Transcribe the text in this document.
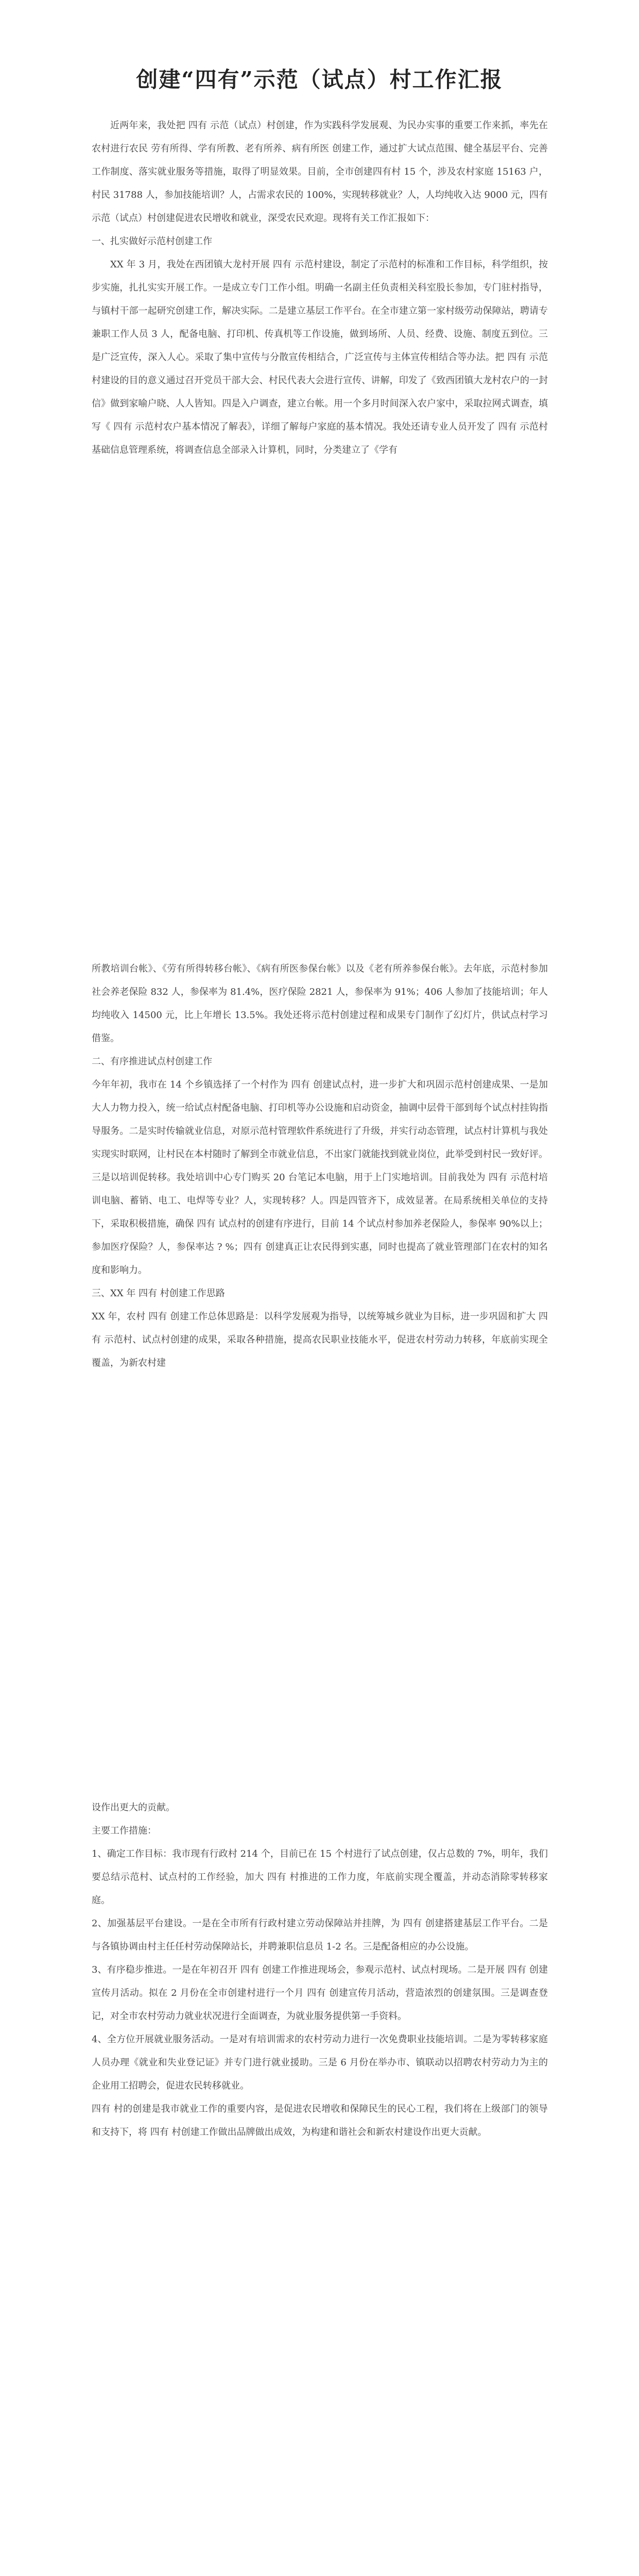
创建“四有”示范（试点）村工作汇报

近两年来，我处把 四有 示范（试点）村创建，作为实践科学发展观、为民办实事的重要工作来抓，率先在农村进行农民 劳有所得、学有所教、老有所养、病有所医 创建工作，通过扩大试点范围、健全基层平台、完善工作制度、落实就业服务等措施，取得了明显效果。目前，全市创建四有村 15 个，涉及农村家庭 15163 户，村民 31788 人，参加技能培训？人，占需求农民的 100%，实现转移就业？人，人均纯收入达 9000 元，四有 示范（试点）村创建促进农民增收和就业，深受农民欢迎。现将有关工作汇报如下：

一、扎实做好示范村创建工作

XX 年 3 月，我处在西团镇大龙村开展 四有 示范村建设，制定了示范村的标准和工作目标，科学组织，按步实施，扎扎实实开展工作。一是成立专门工作小组。明确一名副主任负责相关科室股长参加，专门驻村指导，与镇村干部一起研究创建工作，解决实际。二是建立基层工作平台。在全市建立第一家村级劳动保障站，聘请专兼职工作人员 3 人，配备电脑、打印机、传真机等工作设施，做到场所、人员、经费、设施、制度五到位。三是广泛宣传，深入人心。采取了集中宣传与分散宣传相结合，广泛宣传与主体宣传相结合等办法。把 四有 示范村建设的目的意义通过召开党员干部大会、村民代表大会进行宣传、讲解，印发了《致西团镇大龙村农户的一封信》做到家喻户晓、人人皆知。四是入户调查，建立台帐。用一个多月时间深入农户家中，采取拉网式调查，填写《 四有 示范村农户基本情况了解表》，详细了解每户家庭的基本情况。我处还请专业人员开发了 四有 示范村基础信息管理系统，将调查信息全部录入计算机，同时，分类建立了《学有

所教培训台帐》、《劳有所得转移台帐》、《病有所医参保台帐》以及《老有所养参保台帐》。去年底，示范村参加社会养老保险 832 人，参保率为 81.4%，医疗保险 2821 人，参保率为 91%；406 人参加了技能培训；年人均纯收入 14500 元，比上年增长 13.5%。我处还将示范村创建过程和成果专门制作了幻灯片，供试点村学习借鉴。

二、有序推进试点村创建工作

今年年初，我市在 14 个乡镇选择了一个村作为 四有 创建试点村，进一步扩大和巩固示范村创建成果、一是加大人力物力投入，统一给试点村配备电脑、打印机等办公设施和启动资金，抽调中层骨干部到每个试点村挂钩指导服务。二是实时传输就业信息，对原示范村管理软件系统进行了升级，并实行动态管理，试点村计算机与我处实现实时联网，让村民在本村随时了解到全市就业信息，不出家门就能找到就业岗位，此举受到村民一致好评。三是以培训促转移。我处培训中心专门购买 20 台笔记本电脑，用于上门实地培训。目前我处为 四有 示范村培训电脑、蓄销、电工、电焊等专业？人，实现转移？人。四是四管齐下，成效显著。在局系统相关单位的支持下，采取积极措施，确保 四有 试点村的创建有序进行，目前 14 个试点村参加养老保险人，参保率 90%以上；参加医疗保险？人，参保率达 ? %；四有 创建真正让农民得到实惠，同时也提高了就业管理部门在农村的知名度和影响力。

三、XX 年 四有 村创建工作思路

XX 年，农村 四有 创建工作总体思路是：以科学发展观为指导，以统筹城乡就业为目标，进一步巩固和扩大 四有 示范村、试点村创建的成果，采取各种措施，提高农民职业技能水平，促进农村劳动力转移，年底前实现全覆盖，为新农村建

设作出更大的贡献。

主要工作措施：

1、确定工作目标：我市现有行政村 214 个，目前已在 15 个村进行了试点创建，仅占总数的 7%，明年，我们要总结示范村、试点村的工作经验，加大 四有 村推进的工作力度，年底前实现全覆盖，并动态消除零转移家庭。

2、加强基层平台建设。一是在全市所有行政村建立劳动保障站并挂牌，为 四有 创建搭建基层工作平台。二是与各镇协调由村主任任村劳动保障站长，并聘兼职信息员 1-2 名。三是配备相应的办公设施。

3、有序稳步推进。一是在年初召开 四有 创建工作推进现场会，参观示范村、试点村现场。二是开展 四有 创建宣传月活动。拟在 2 月份在全市创建村进行一个月 四有 创建宣传月活动，营造浓烈的创建氛围。三是调查登记，对全市农村劳动力就业状况进行全面调查，为就业服务提供第一手资料。

4、全方位开展就业服务活动。一是对有培训需求的农村劳动力进行一次免费职业技能培训。二是为零转移家庭人员办理《就业和失业登记证》并专门进行就业援助。三是 6 月份在举办市、镇联动以招聘农村劳动力为主的企业用工招聘会，促进农民转移就业。

四有 村的创建是我市就业工作的重要内容，是促进农民增收和保障民生的民心工程，我们将在上级部门的领导和支持下，将 四有 村创建工作做出品牌做出成效，为构建和谐社会和新农村建设作出更大贡献。
